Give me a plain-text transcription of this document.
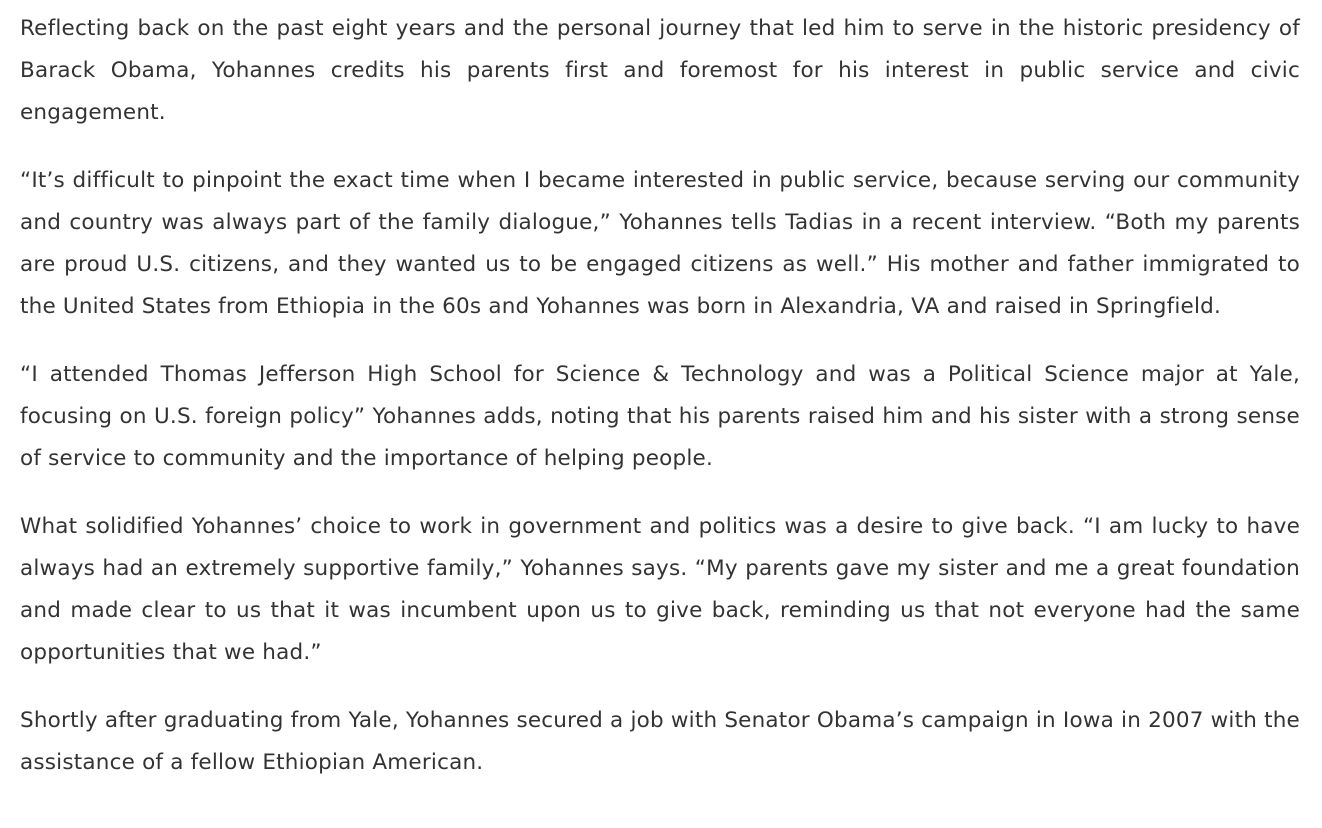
Reflecting back on the past eight years and the personal journey that led him to serve in the historic presidency of Barack Obama, Yohannes credits his parents first and foremost for his interest in public service and civic engagement.

“It’s difficult to pinpoint the exact time when I became interested in public service, because serving our community and country was always part of the family dialogue,” Yohannes tells Tadias in a recent interview. “Both my parents are proud U.S. citizens, and they wanted us to be engaged citizens as well.” His mother and father immigrated to the United States from Ethiopia in the 60s and Yohannes was born in Alexandria, VA and raised in Springfield.

“I attended Thomas Jefferson High School for Science & Technology and was a Political Science major at Yale, focusing on U.S. foreign policy” Yohannes adds, noting that his parents raised him and his sister with a strong sense of service to community and the importance of helping people.

What solidified Yohannes’ choice to work in government and politics was a desire to give back. “I am lucky to have always had an extremely supportive family,” Yohannes says. “My parents gave my sister and me a great foundation and made clear to us that it was incumbent upon us to give back, reminding us that not everyone had the same opportunities that we had.”

Shortly after graduating from Yale, Yohannes secured a job with Senator Obama’s campaign in Iowa in 2007 with the assistance of a fellow Ethiopian American.
